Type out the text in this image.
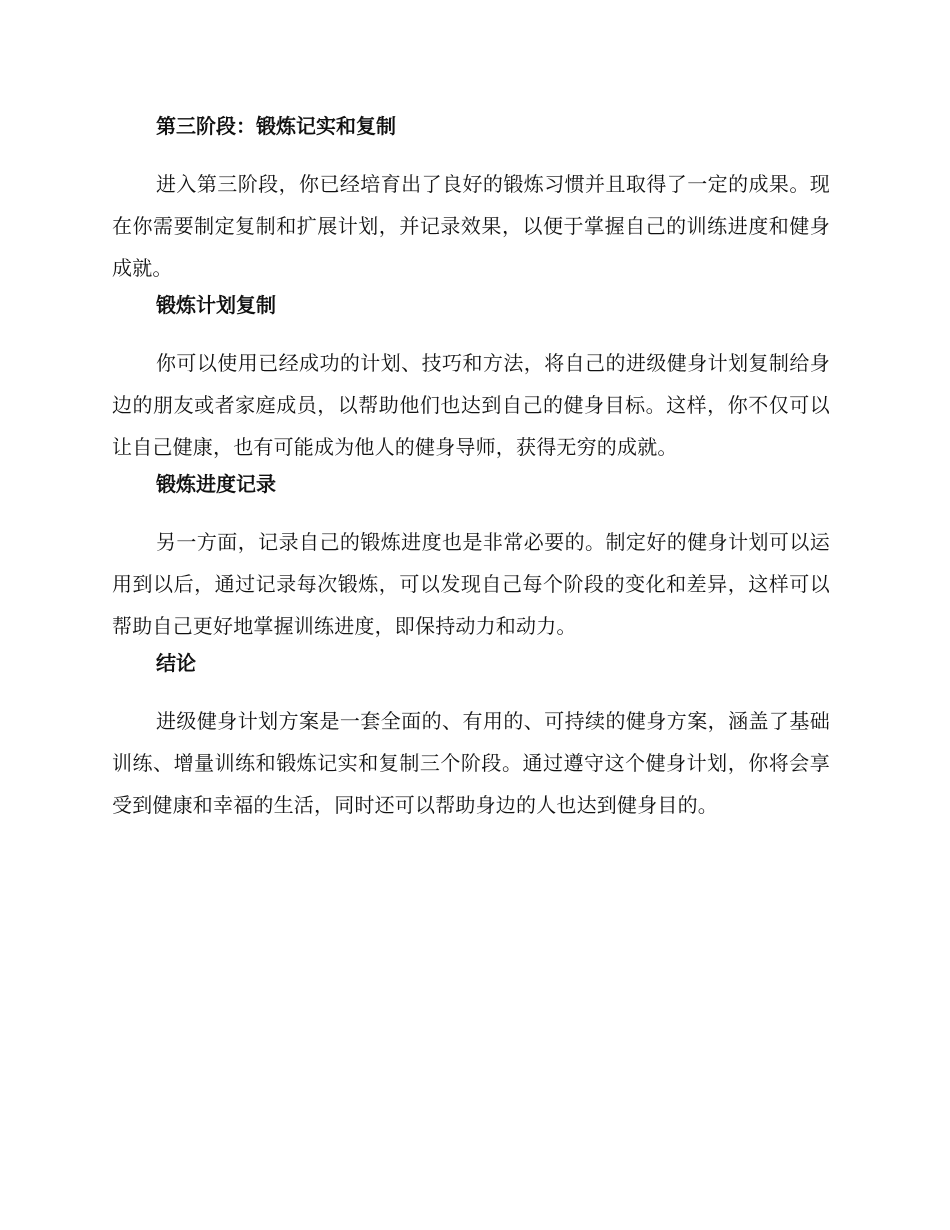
第三阶段：锻炼记实和复制

进入第三阶段，你已经培育出了良好的锻炼习惯并且取得了一定的成果。现在你需要制定复制和扩展计划，并记录效果，以便于掌握自己的训练进度和健身成就。

锻炼计划复制

你可以使用已经成功的计划、技巧和方法，将自己的进级健身计划复制给身边的朋友或者家庭成员，以帮助他们也达到自己的健身目标。这样，你不仅可以让自己健康，也有可能成为他人的健身导师，获得无穷的成就。

锻炼进度记录

另一方面，记录自己的锻炼进度也是非常必要的。制定好的健身计划可以运用到以后，通过记录每次锻炼，可以发现自己每个阶段的变化和差异，这样可以帮助自己更好地掌握训练进度，即保持动力和动力。

结论

进级健身计划方案是一套全面的、有用的、可持续的健身方案，涵盖了基础训练、增量训练和锻炼记实和复制三个阶段。通过遵守这个健身计划，你将会享受到健康和幸福的生活，同时还可以帮助身边的人也达到健身目的。
